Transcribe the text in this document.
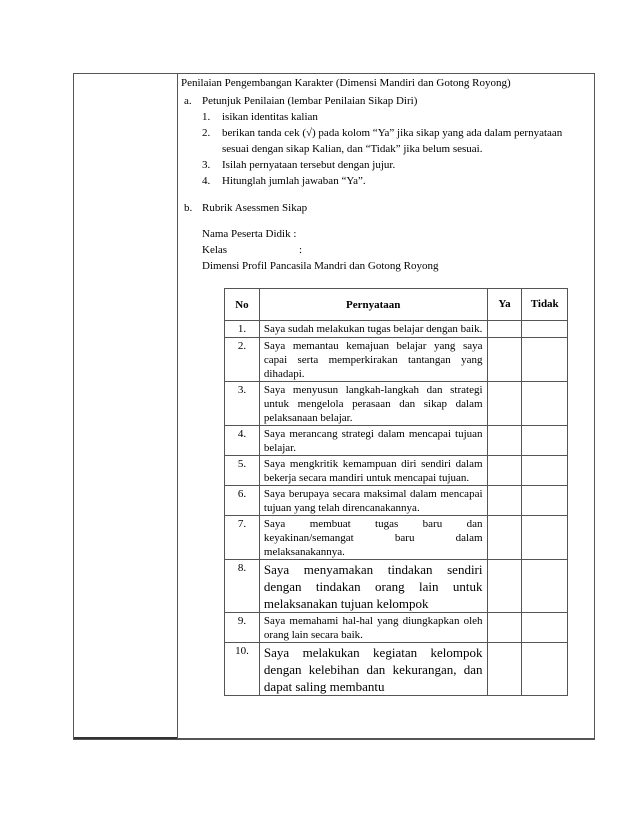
Penilaian Pengembangan Karakter (Dimensi Mandiri dan Gotong Royong)
a. Petunjuk Penilaian (lembar Penilaian Sikap Diri)
1. isikan identitas kalian
2. berikan tanda cek (√) pada kolom “Ya” jika sikap yang ada dalam pernyataan
sesuai dengan sikap Kalian, dan “Tidak” jika belum sesuai.
3. Isilah pernyataan tersebut dengan jujur.
4. Hitunglah jumlah jawaban “Ya”.
b. Rubrik Asessmen Sikap
Nama Peserta Didik :
Kelas	:
Dimensi Profil Pancasila Mandri dan Gotong Royong
No	Pernyataan	Ya	Tidak
1.	Saya sudah melakukan tugas belajar dengan baik.		
2.	Saya memantau kemajuan belajar yang saya capai serta memperkirakan tantangan yang dihadapi.		
3.	Saya menyusun langkah-langkah dan strategi untuk mengelola perasaan dan sikap dalam pelaksanaan belajar.		
4.	Saya merancang strategi dalam mencapai tujuan belajar.		
5.	Saya mengkritik kemampuan diri sendiri dalam bekerja secara mandiri untuk mencapai tujuan.		
6.	Saya berupaya secara maksimal dalam mencapai tujuan yang telah direncanakannya.		
7.	Saya membuat tugas baru dan keyakinan/semangat baru dalam melaksanakannya.		
8.	Saya menyamakan tindakan sendiri dengan tindakan orang lain untuk melaksanakan tujuan kelompok		
9.	Saya memahami hal-hal yang diungkapkan oleh orang lain secara baik.		
10.	Saya melakukan kegiatan kelompok dengan kelebihan dan kekurangan, dan dapat saling membantu		
